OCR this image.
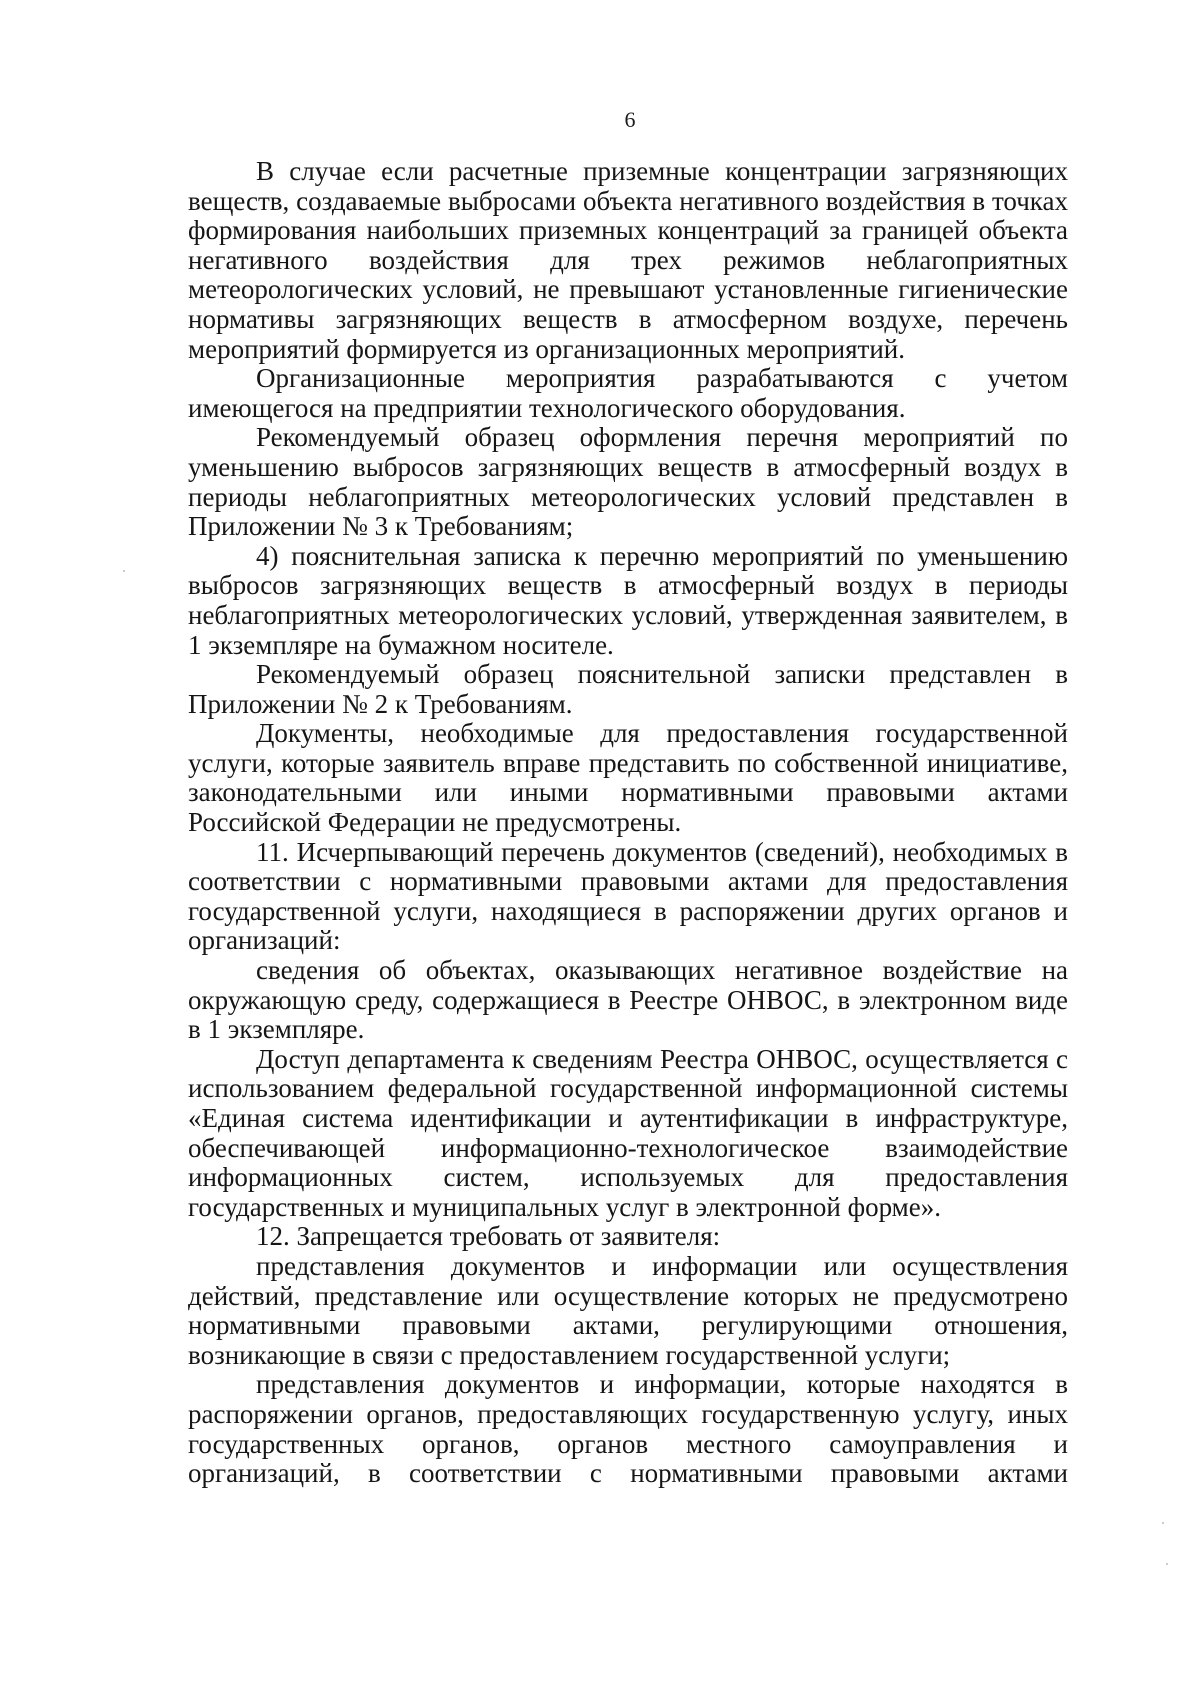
6

В случае если расчетные приземные концентрации загрязняющих веществ, создаваемые выбросами объекта негативного воздействия в точках формирования наибольших приземных концентраций за границей объекта негативного воздействия для трех режимов неблагоприятных метеорологических условий, не превышают установленные гигиенические нормативы загрязняющих веществ в атмосферном воздухе, перечень мероприятий формируется из организационных мероприятий.

Организационные мероприятия разрабатываются с учетом имеющегося на предприятии технологического оборудования.

Рекомендуемый образец оформления перечня мероприятий по уменьшению выбросов загрязняющих веществ в атмосферный воздух в периоды неблагоприятных метеорологических условий представлен в Приложении № 3 к Требованиям;

4) пояснительная записка к перечню мероприятий по уменьшению выбросов загрязняющих веществ в атмосферный воздух в периоды неблагоприятных метеорологических условий, утвержденная заявителем, в 1 экземпляре на бумажном носителе.

Рекомендуемый образец пояснительной записки представлен в Приложении № 2 к Требованиям.

Документы, необходимые для предоставления государственной услуги, которые заявитель вправе представить по собственной инициативе, законодательными или иными нормативными правовыми актами Российской Федерации не предусмотрены.

11. Исчерпывающий перечень документов (сведений), необходимых в соответствии с нормативными правовыми актами для предоставления государственной услуги, находящиеся в распоряжении других органов и организаций:

сведения об объектах, оказывающих негативное воздействие на окружающую среду, содержащиеся в Реестре ОНВОС, в электронном виде в 1 экземпляре.

Доступ департамента к сведениям Реестра ОНВОС, осуществляется с использованием федеральной государственной информационной системы «Единая система идентификации и аутентификации в инфраструктуре, обеспечивающей информационно-технологическое взаимодействие информационных систем, используемых для предоставления государственных и муниципальных услуг в электронной форме».

12. Запрещается требовать от заявителя:

представления документов и информации или осуществления действий, представление или осуществление которых не предусмотрено нормативными правовыми актами, регулирующими отношения, возникающие в связи с предоставлением государственной услуги;

представления документов и информации, которые находятся в распоряжении органов, предоставляющих государственную услугу, иных государственных органов, органов местного самоуправления и организаций, в соответствии с нормативными правовыми актами
